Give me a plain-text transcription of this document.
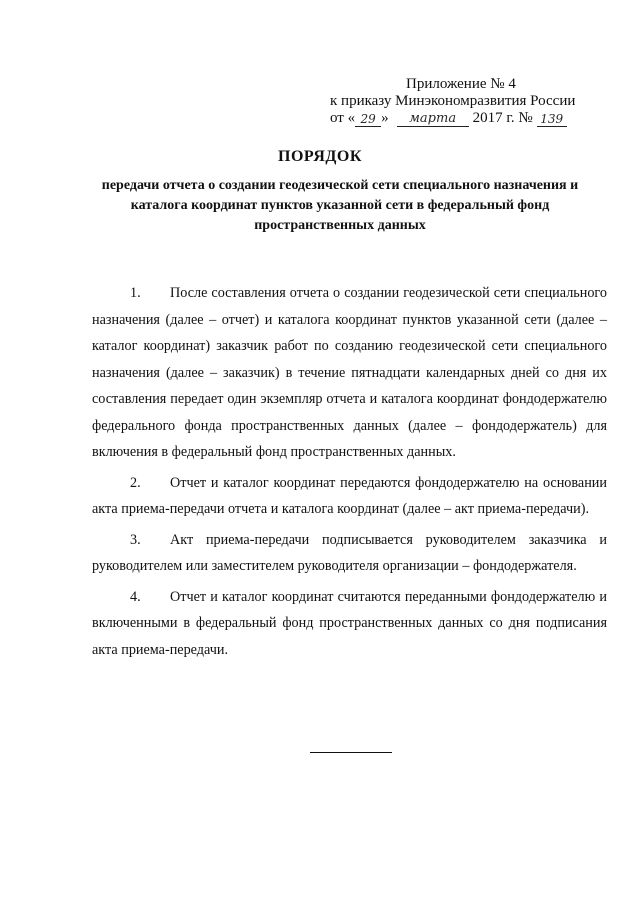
Приложение № 4
к приказу Минэкономразвития России
от « 29 »	марта	2017 г. № 139
ПОРЯДОК
передачи отчета о создании геодезической сети специального назначения и каталога координат пунктов указанной сети в федеральный фонд пространственных данных

1. После составления отчета о создании геодезической сети специального назначения (далее – отчет) и каталога координат пунктов указанной сети (далее – каталог координат) заказчик работ по созданию геодезической сети специального назначения (далее – заказчик) в течение пятнадцати календарных дней со дня их составления передает один экземпляр отчета и каталога координат фондодержателю федерального фонда пространственных данных (далее – фондодержатель) для включения в федеральный фонд пространственных данных.

2. Отчет и каталог координат передаются фондодержателю на основании акта приема-передачи отчета и каталога координат (далее – акт приема-передачи).

3. Акт приема-передачи подписывается руководителем заказчика и руководителем или заместителем руководителя организации – фондодержателя.

4. Отчет и каталог координат считаются переданными фондодержателю и включенными в федеральный фонд пространственных данных со дня подписания акта приема-передачи.
